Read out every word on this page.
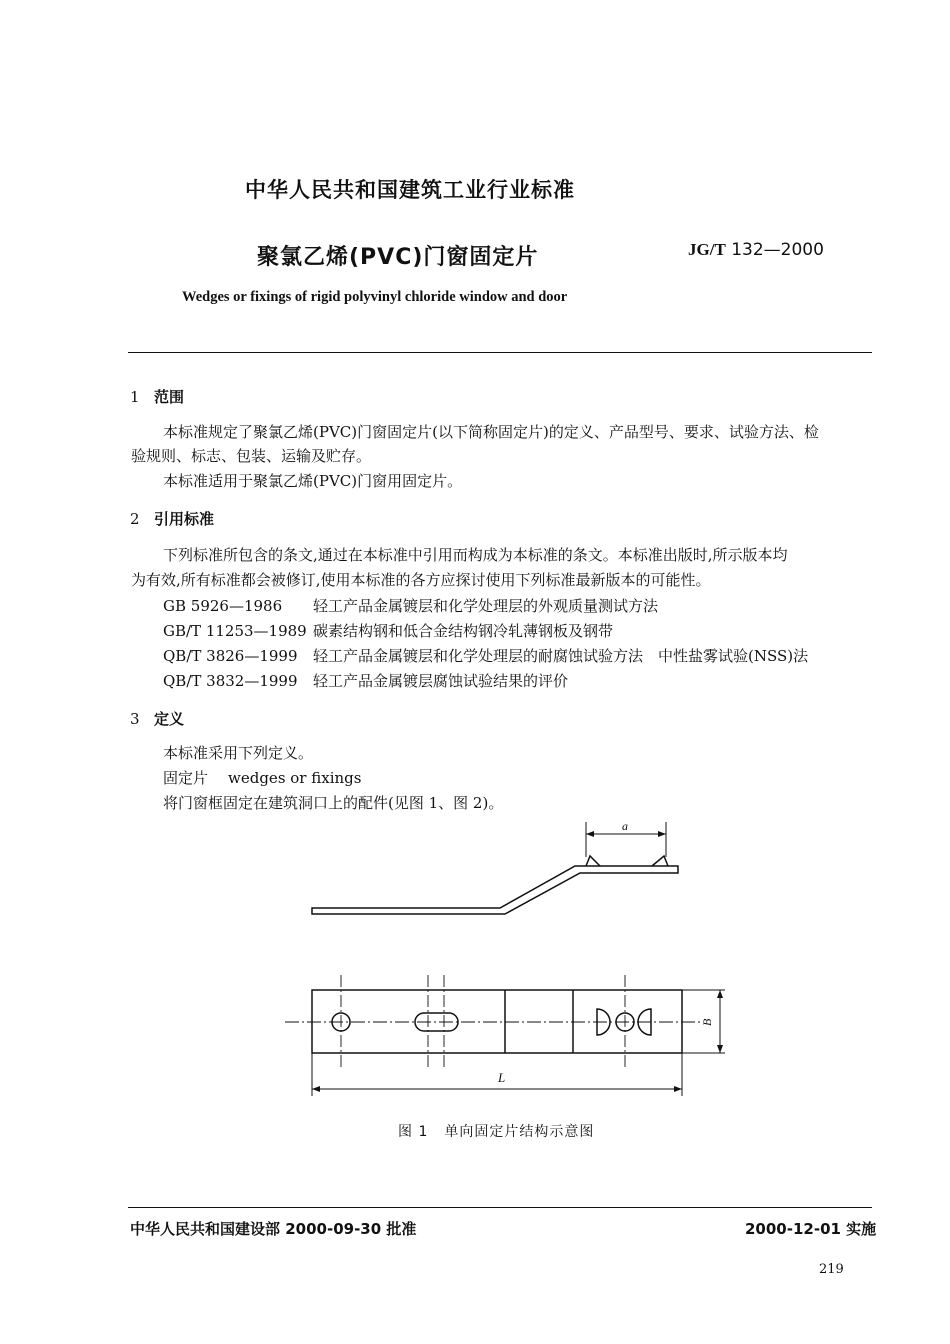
中华人民共和国建筑工业行业标准
聚氯乙烯(PVC)门窗固定片	JG/T 132—2000
Wedges or fixings of rigid polyvinyl chloride window and door
1 范围
本标准规定了聚氯乙烯(PVC)门窗固定片(以下简称固定片)的定义、产品型号、要求、试验方法、检
验规则、标志、包装、运输及贮存。
本标准适用于聚氯乙烯(PVC)门窗用固定片。
2 引用标准
下列标准所包含的条文,通过在本标准中引用而构成为本标准的条文。本标准出版时,所示版本均
为有效,所有标准都会被修订,使用本标准的各方应探讨使用下列标准最新版本的可能性。
GB 5926—1986 轻工产品金属镀层和化学处理层的外观质量测试方法
GB/T 11253—1989 碳素结构钢和低合金结构钢冷轧薄钢板及钢带
QB/T 3826—1999 轻工产品金属镀层和化学处理层的耐腐蚀试验方法　中性盐雾试验(NSS)法
QB/T 3832—1999 轻工产品金属镀层腐蚀试验结果的评价
3 定义
本标准采用下列定义。
固定片 wedges or fixings
将门窗框固定在建筑洞口上的配件(见图 1、图 2)。
a
B
L
图 1 单向固定片结构示意图
中华人民共和国建设部 2000-09-30 批准	2000-12-01 实施
219
